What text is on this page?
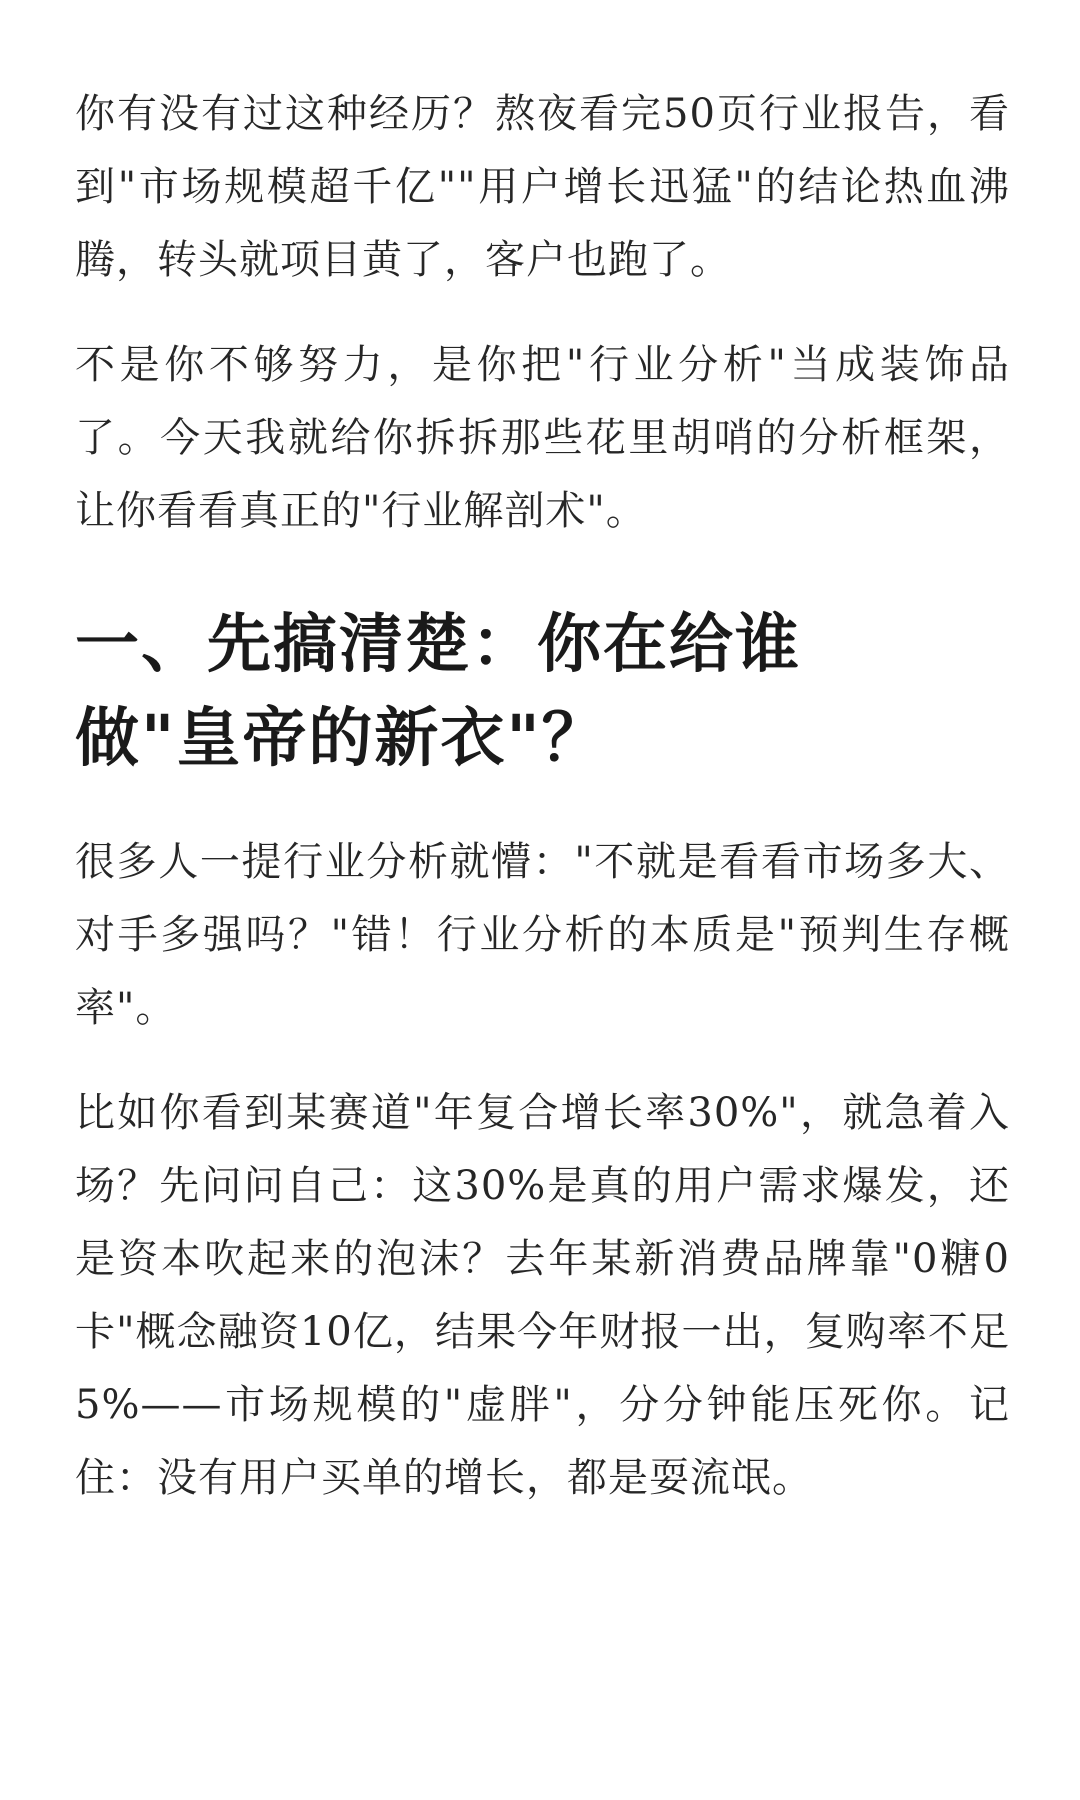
你有没有过这种经历？熬夜看完50页行业报告，看到"市场规模超千亿""用户增长迅猛"的结论热血沸腾，转头就项目黄了，客户也跑了。

不是你不够努力，是你把"行业分析"当成装饰品了。今天我就给你拆拆那些花里胡哨的分析框架，让你看看真正的"行业解剖术"。

一、先搞清楚：你在给谁做"皇帝的新衣"？

很多人一提行业分析就懵："不就是看看市场多大、对手多强吗？"错！行业分析的本质是"预判生存概率"。

比如你看到某赛道"年复合增长率30%"，就急着入场？先问问自己：这30%是真的用户需求爆发，还是资本吹起来的泡沫？去年某新消费品牌靠"0糖0卡"概念融资10亿，结果今年财报一出，复购率不足5%——市场规模的"虚胖"，分分钟能压死你。记住：没有用户买单的增长，都是耍流氓。
